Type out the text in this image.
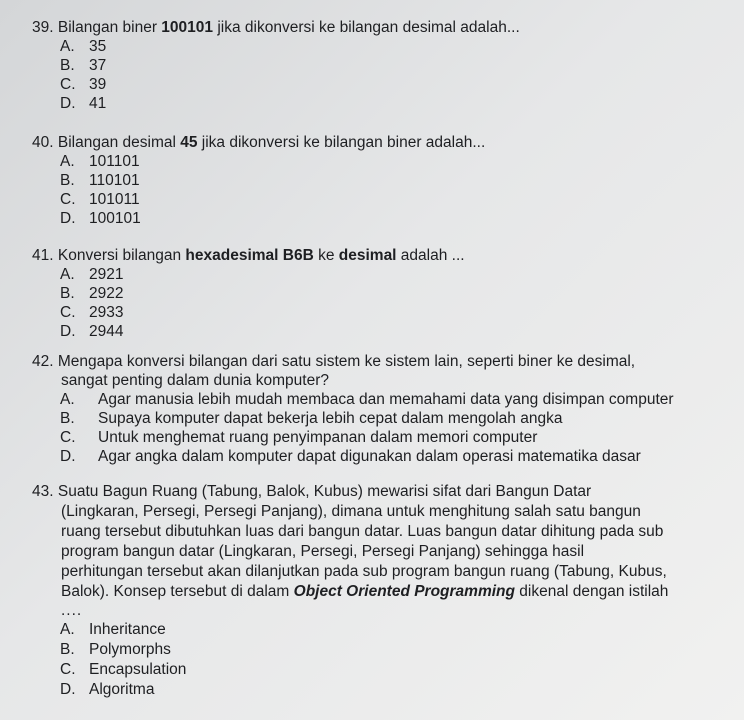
39. Bilangan biner 100101 jika dikonversi ke bilangan desimal adalah...

A. 35
B. 37
C. 39
D. 41

40. Bilangan desimal 45 jika dikonversi ke bilangan biner adalah...

A. 101101
B. 110101
C. 101011
D. 100101

41. Konversi bilangan hexadesimal B6B ke desimal adalah ...

A. 2921
B. 2922
C. 2933
D. 2944

42. Mengapa konversi bilangan dari satu sistem ke sistem lain, seperti biner ke desimal,

sangat penting dalam dunia komputer?

A.	Agar manusia lebih mudah membaca dan memahami data yang disimpan computer
B.	Supaya komputer dapat bekerja lebih cepat dalam mengolah angka
C.	Untuk menghemat ruang penyimpanan dalam memori computer
D.	Agar angka dalam komputer dapat digunakan dalam operasi matematika dasar

43. Suatu Bagun Ruang (Tabung, Balok, Kubus) mewarisi sifat dari Bangun Datar

(Lingkaran, Persegi, Persegi Panjang), dimana untuk menghitung salah satu bangun

ruang tersebut dibutuhkan luas dari bangun datar. Luas bangun datar dihitung pada sub

program bangun datar (Lingkaran, Persegi, Persegi Panjang) sehingga hasil

perhitungan tersebut akan dilanjutkan pada sub program bangun ruang (Tabung, Kubus,

Balok). Konsep tersebut di dalam Object Oriented Programming dikenal dengan istilah

....
A. Inheritance
B. Polymorphs
C. Encapsulation
D. Algoritma
